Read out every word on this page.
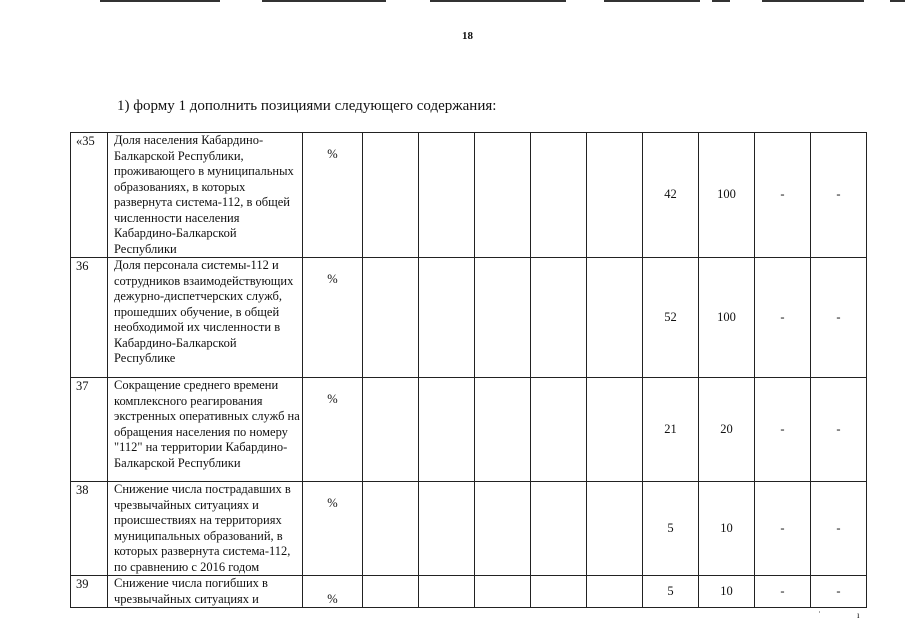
18
1) форму 1 дополнить позициями следующего содержания:
«35	Доля населения Кабардино-Балкарской Республики, проживающего в муниципальных образованиях, в которых развернута система-112, в общей численности населения Кабардино-Балкарской Республики	%						42	100	-	-
36	Доля персонала системы-112 и сотрудников взаимодействующих дежурно-диспетчерских служб, прошедших обучение, в общей необходимой их численности в Кабардино-Балкарской Республике	%						52	100	-	-
37	Сокращение среднего времени комплексного реагирования экстренных оперативных служб на обращения населения по номеру "112" на территории Кабардино-Балкарской Республики	%						21	20	-	-
38	Снижение числа пострадавших в чрезвычайных ситуациях и происшествиях на территориях муниципальных образований, в которых развернута система-112, по сравнению с 2016 годом	%						5	10	-	-
39	Снижение числа погибших в чрезвычайных ситуациях и	%						5	10	-	-
ʿ	ı
